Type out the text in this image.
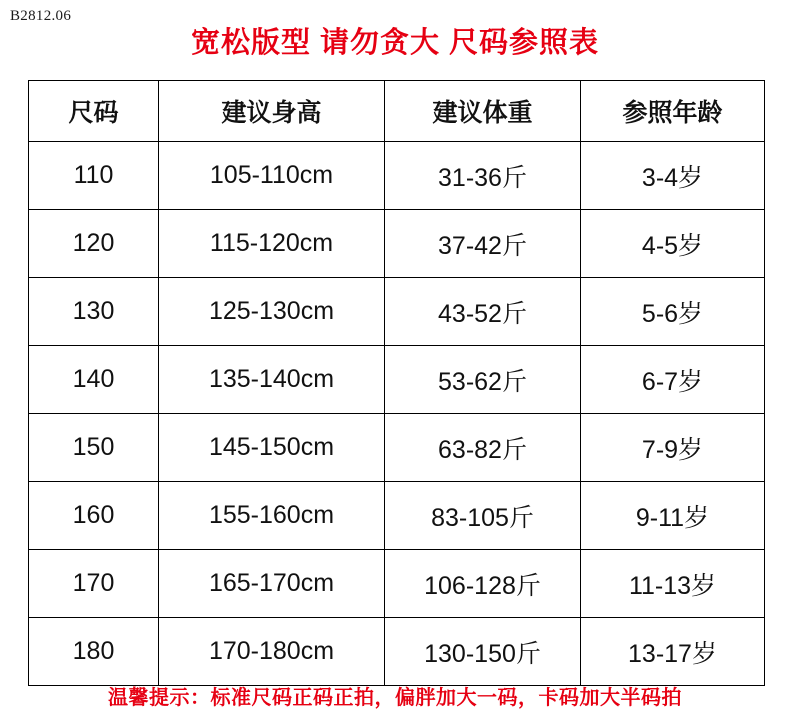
B2812.06
宽松版型 请勿贪大 尺码参照表
尺码	建议身高	建议体重	参照年龄
110	105-110cm	31-36斤	3-4岁
120	115-120cm	37-42斤	4-5岁
130	125-130cm	43-52斤	5-6岁
140	135-140cm	53-62斤	6-7岁
150	145-150cm	63-82斤	7-9岁
160	155-160cm	83-105斤	9-11岁
170	165-170cm	106-128斤	11-13岁
180	170-180cm	130-150斤	13-17岁
温馨提示：标准尺码正码正拍，偏胖加大一码，卡码加大半码拍
